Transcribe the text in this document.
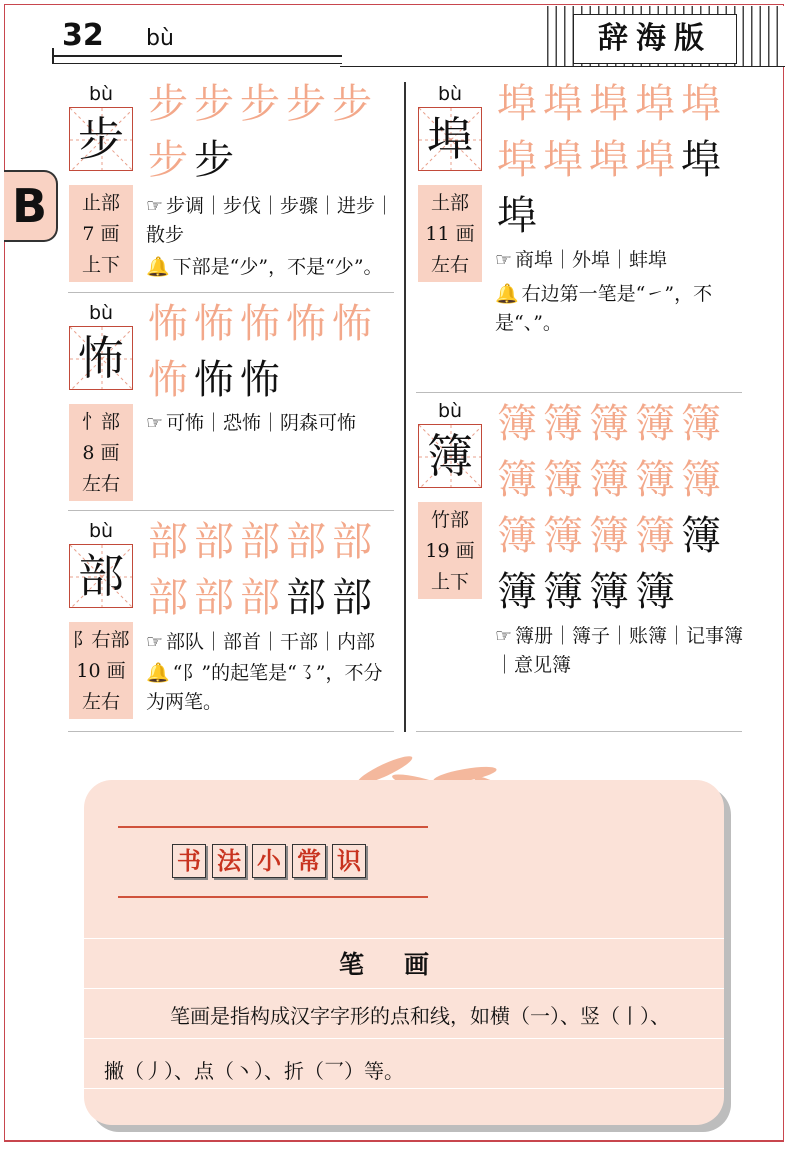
32 bù	辞海版
B
bù
步
止部
7 画
上下
步步步步步
步步
☞ 步调｜步伐｜步骤｜进步｜散步
🔔 下部是“少”，不是“少”。
bù
怖
忄部
8 画
左右
怖怖怖怖怖
怖怖怖
☞ 可怖｜恐怖｜阴森可怖
bù
部
阝右部
10 画
左右
部部部部部
部部部部部
☞ 部队｜部首｜干部｜内部
🔔 “阝”的起笔是“㇌”，不分为两笔。
bù
埠
土部
11 画
左右
埠埠埠埠埠
埠埠埠埠埠
埠
☞ 商埠｜外埠｜蚌埠
🔔 右边第一笔是“㇀”，不是“、”。
bù
簿
竹部
19 画
上下
簿簿簿簿簿
簿簿簿簿簿
簿簿簿簿簿
簿簿簿簿
☞ 簿册｜簿子｜账簿｜记事簿｜意见簿
书 法 小 常 识
笔画
笔画是指构成汉字字形的点和线，如横（一）、竖（丨）、
撇（丿）、点（丶）、折（乛）等。
